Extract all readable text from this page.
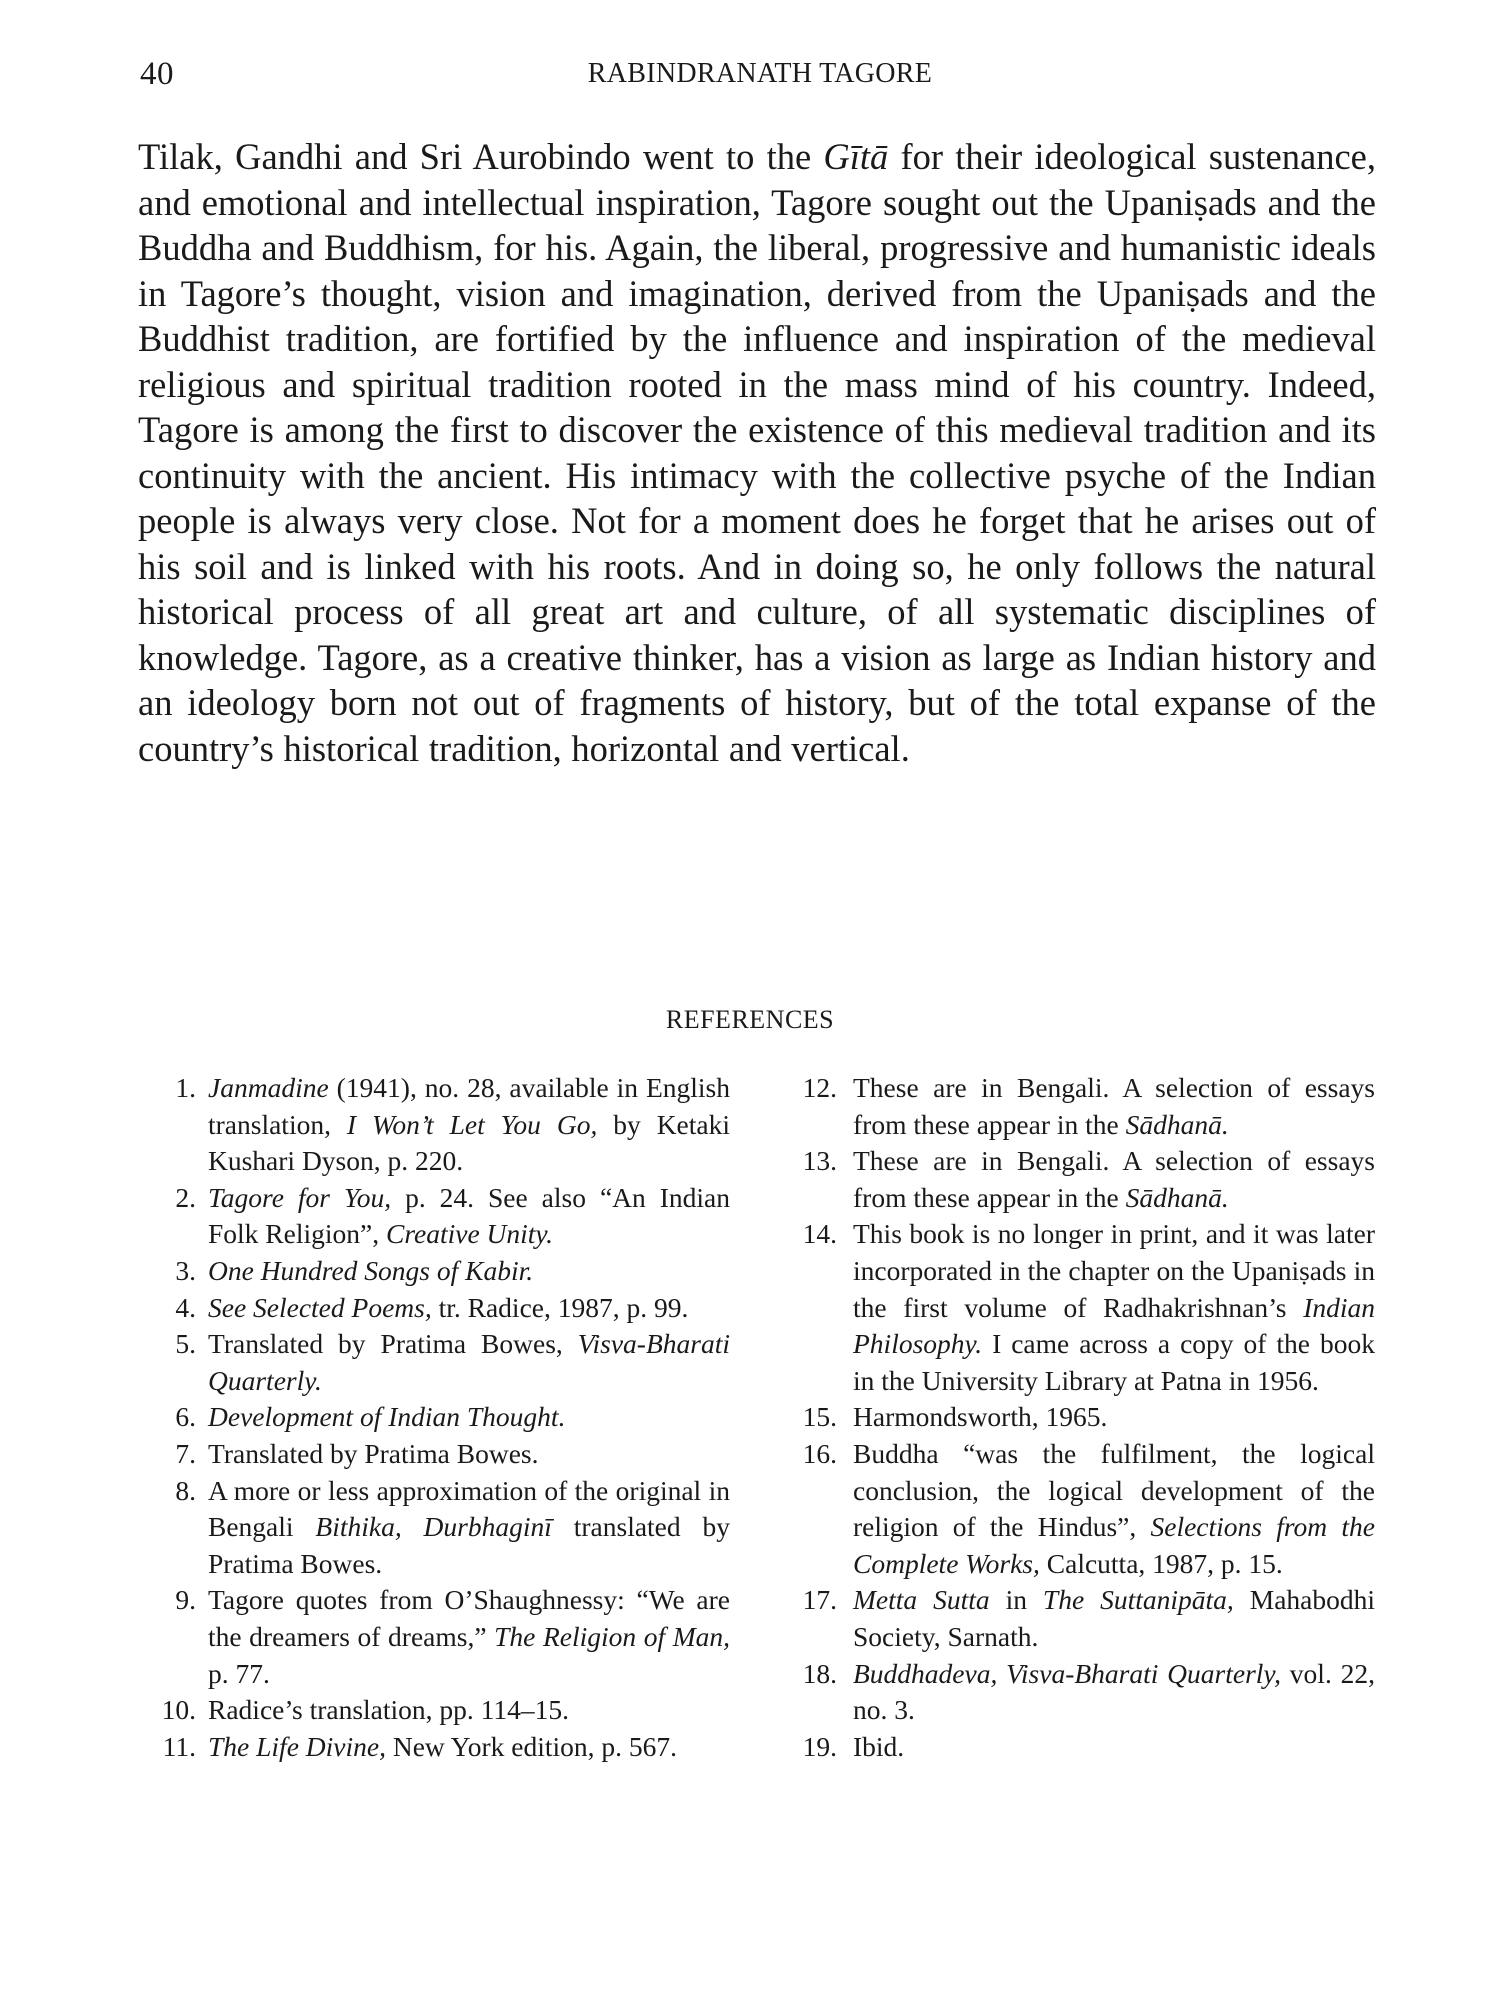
40	RABINDRANATH TAGORE
Tilak, Gandhi and Sri Aurobindo went to the Gītā for their ideological sustenance, and emotional and intellectual inspiration, Tagore sought out the Upaniṣads and the Buddha and Buddhism, for his. Again, the liberal, progressive and humanistic ideals in Tagore’s thought, vision and imagination, derived from the Upaniṣads and the Buddhist tradition, are fortified by the influence and inspiration of the medieval religious and spiritual tradition rooted in the mass mind of his country. Indeed, Tagore is among the first to discover the existence of this medieval tradition and its continuity with the ancient. His intimacy with the collective psyche of the Indian people is always very close. Not for a moment does he forget that he arises out of his soil and is linked with his roots. And in doing so, he only follows the natural historical process of all great art and culture, of all systematic disciplines of knowledge. Tagore, as a creative thinker, has a vision as large as Indian history and an ideology born not out of fragments of history, but of the total expanse of the country’s historical tradition, horizontal and vertical.
REFERENCES
1. Janmadine (1941), no. 28, available in English translation, I Won’t Let You Go, by Ketaki Kushari Dyson, p. 220.
2. Tagore for You, p. 24. See also “An Indian Folk Religion”, Creative Unity.
3. One Hundred Songs of Kabir.
4. See Selected Poems, tr. Radice, 1987, p. 99.
5. Translated by Pratima Bowes, Visva-Bharati Quarterly.
6. Development of Indian Thought.
7. Translated by Pratima Bowes.
8. A more or less approximation of the original in Bengali Bithika, Durbhaginī translated by Pratima Bowes.
9. Tagore quotes from O’Shaughnessy: “We are the dreamers of dreams,” The Religion of Man, p. 77.
10. Radice’s translation, pp. 114–15.
11. The Life Divine, New York edition, p. 567.
12. These are in Bengali. A selection of essays from these appear in the Sādhanā.
13. These are in Bengali. A selection of essays from these appear in the Sādhanā.
14. This book is no longer in print, and it was later incorporated in the chapter on the Upaniṣads in the first volume of Radhakrishnan’s Indian Philosophy. I came across a copy of the book in the University Library at Patna in 1956.
15. Harmondsworth, 1965.
16. Buddha “was the fulfilment, the logical conclusion, the logical development of the religion of the Hindus”, Selections from the Complete Works, Calcutta, 1987, p. 15.
17. Metta Sutta in The Suttanipāta, Mahabodhi Society, Sarnath.
18. Buddhadeva, Visva-Bharati Quarterly, vol. 22, no. 3.
19. Ibid.
